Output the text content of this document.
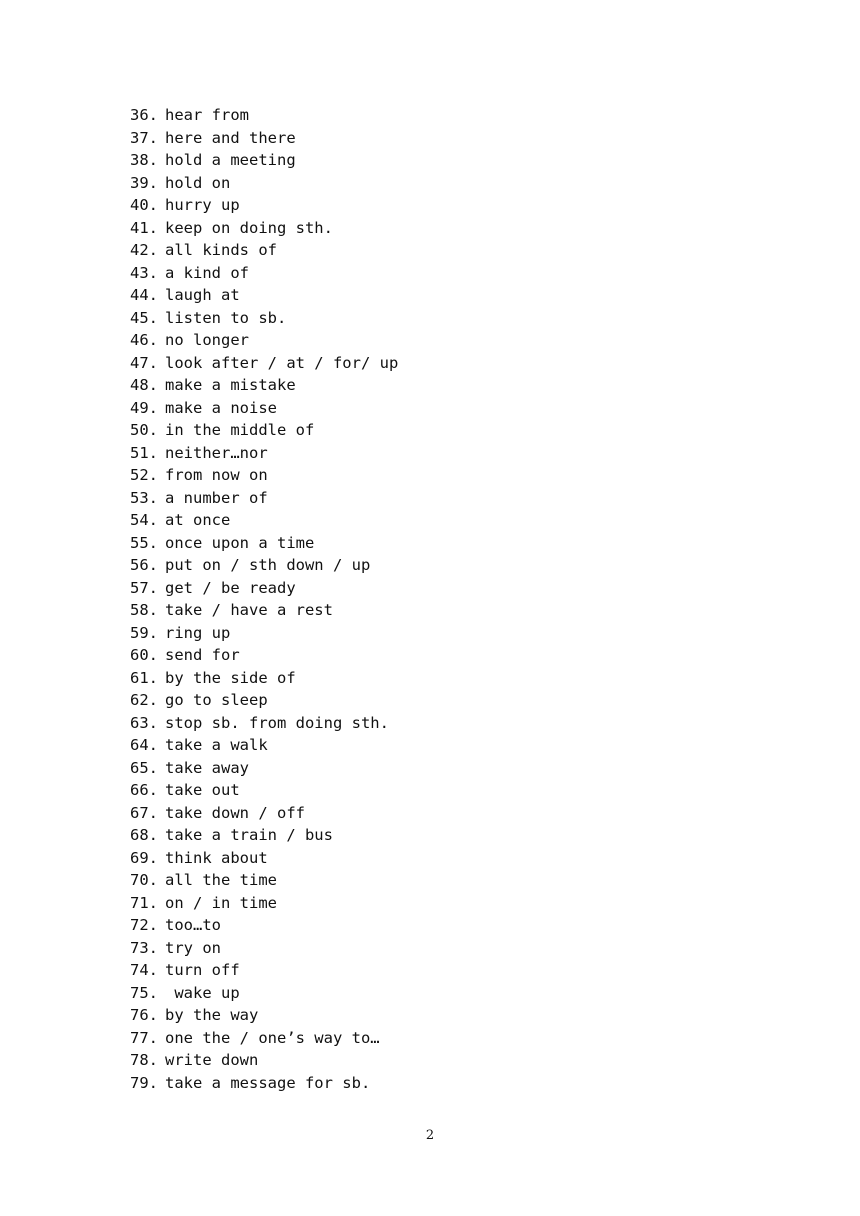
36. hear from
37. here and there
38. hold a meeting
39. hold on
40. hurry up
41. keep on doing sth.
42. all kinds of
43. a kind of
44. laugh at
45. listen to sb.
46. no longer
47. look after / at / for/ up
48. make a mistake
49. make a noise
50. in the middle of
51. neither…nor
52. from now on
53. a number of
54. at once
55. once upon a time
56. put on / sth down / up
57. get / be ready
58. take / have a rest
59. ring up
60. send for
61. by the side of
62. go to sleep
63. stop sb. from doing sth.
64. take a walk
65. take away
66. take out
67. take down / off
68. take a train / bus
69. think about
70. all the time
71. on / in time
72. too…to
73. try on
74. turn off
75. wake up
76. by the way
77. one the / one’s way to…
78. write down
79. take a message for sb.
2
